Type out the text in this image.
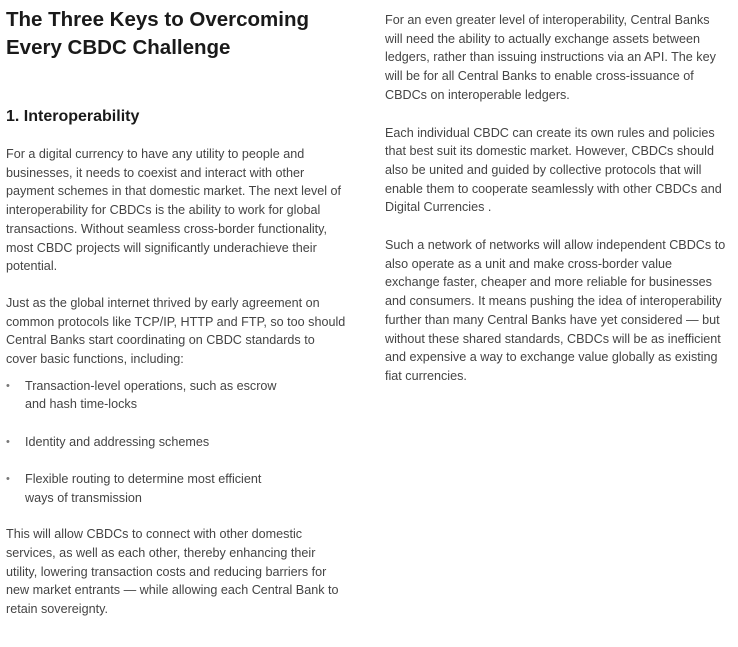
The Three Keys to Overcoming
Every CBDC Challenge
1. Interoperability

For a digital currency to have any utility to people and businesses, it needs to coexist and interact with other payment schemes in that domestic market. The next level of interoperability for CBDCs is the ability to work for global transactions. Without seamless cross-border functionality, most CBDC projects will significantly underachieve their potential.

Just as the global internet thrived by early agreement on common protocols like TCP/IP, HTTP and FTP, so too should Central Banks start coordinating on CBDC standards to cover basic functions, including:

• Transaction-level operations, such as escrow and hash time-locks
• Identity and addressing schemes
• Flexible routing to determine most efficient ways of transmission

This will allow CBDCs to connect with other domestic services, as well as each other, thereby enhancing their utility, lowering transaction costs and reducing barriers for new market entrants — while allowing each Central Bank to retain sovereignty.

For an even greater level of interoperability, Central Banks will need the ability to actually exchange assets between ledgers, rather than issuing instructions via an API. The key will be for all Central Banks to enable cross-issuance of CBDCs on interoperable ledgers.

Each individual CBDC can create its own rules and policies that best suit its domestic market. However, CBDCs should also be united and guided by collective protocols that will enable them to cooperate seamlessly with other CBDCs and Digital Currencies .

Such a network of networks will allow independent CBDCs to also operate as a unit and make cross-border value exchange faster, cheaper and more reliable for businesses and consumers. It means pushing the idea of interoperability further than many Central Banks have yet considered — but without these shared standards, CBDCs will be as inefficient and expensive a way to exchange value globally as existing fiat currencies.
